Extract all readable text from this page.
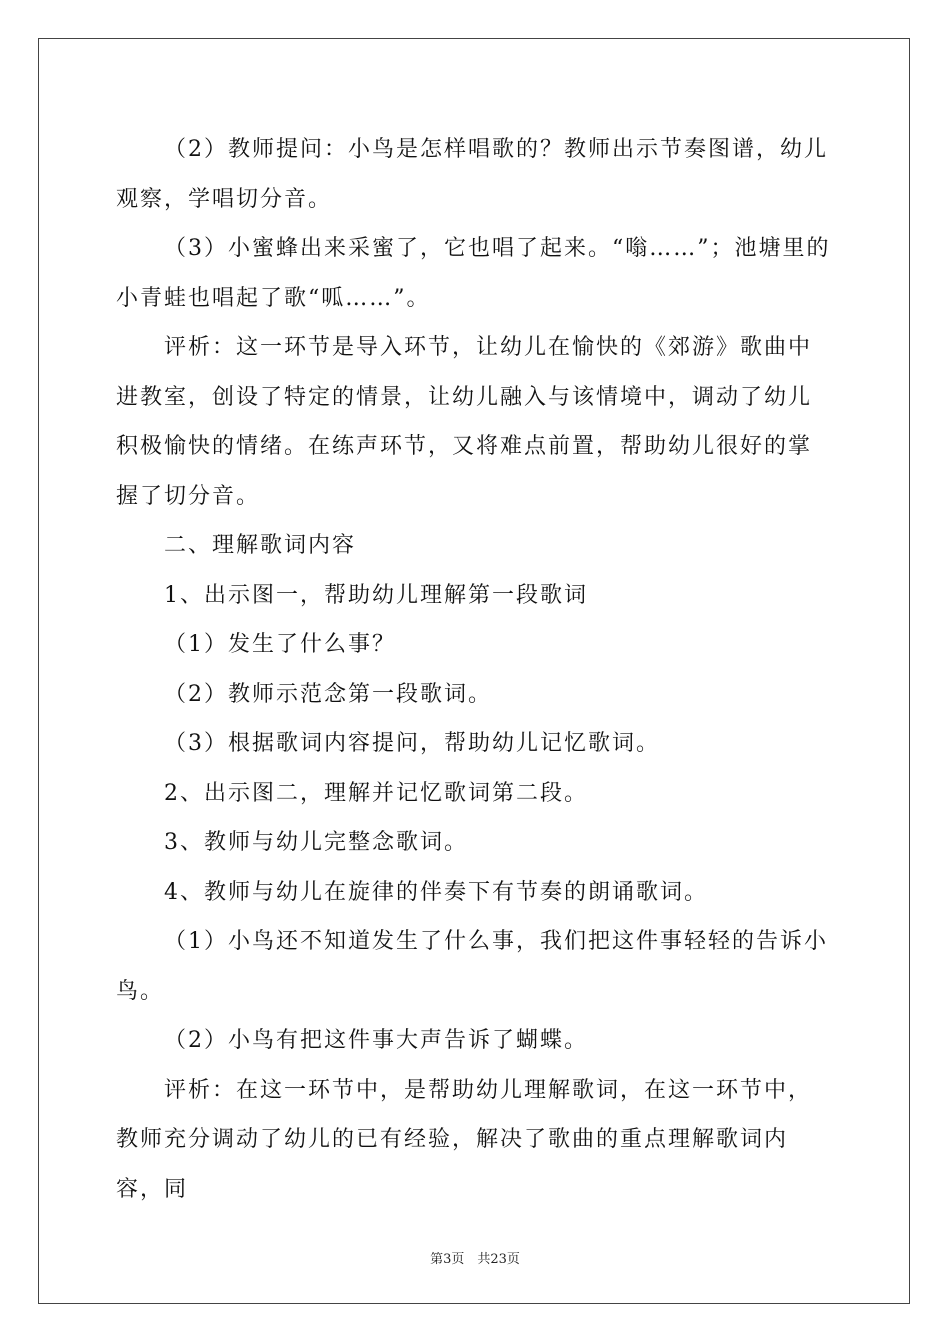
（2）教师提问：小鸟是怎样唱歌的？教师出示节奏图谱，幼儿观察，学唱切分音。

（3）小蜜蜂出来采蜜了，它也唱了起来。“嗡……”；池塘里的小青蛙也唱起了歌“呱……”。

评析：这一环节是导入环节，让幼儿在愉快的《郊游》歌曲中进教室，创设了特定的情景，让幼儿融入与该情境中，调动了幼儿积极愉快的情绪。在练声环节，又将难点前置，帮助幼儿很好的掌握了切分音。

二、理解歌词内容

1、出示图一，帮助幼儿理解第一段歌词

（1）发生了什么事？

（2）教师示范念第一段歌词。

（3）根据歌词内容提问，帮助幼儿记忆歌词。

2、出示图二，理解并记忆歌词第二段。

3、教师与幼儿完整念歌词。

4、教师与幼儿在旋律的伴奏下有节奏的朗诵歌词。

（1）小鸟还不知道发生了什么事，我们把这件事轻轻的告诉小鸟。

（2）小鸟有把这件事大声告诉了蝴蝶。

评析：在这一环节中，是帮助幼儿理解歌词，在这一环节中，教师充分调动了幼儿的已有经验，解决了歌曲的重点理解歌词内容，同

第3页　共23页
